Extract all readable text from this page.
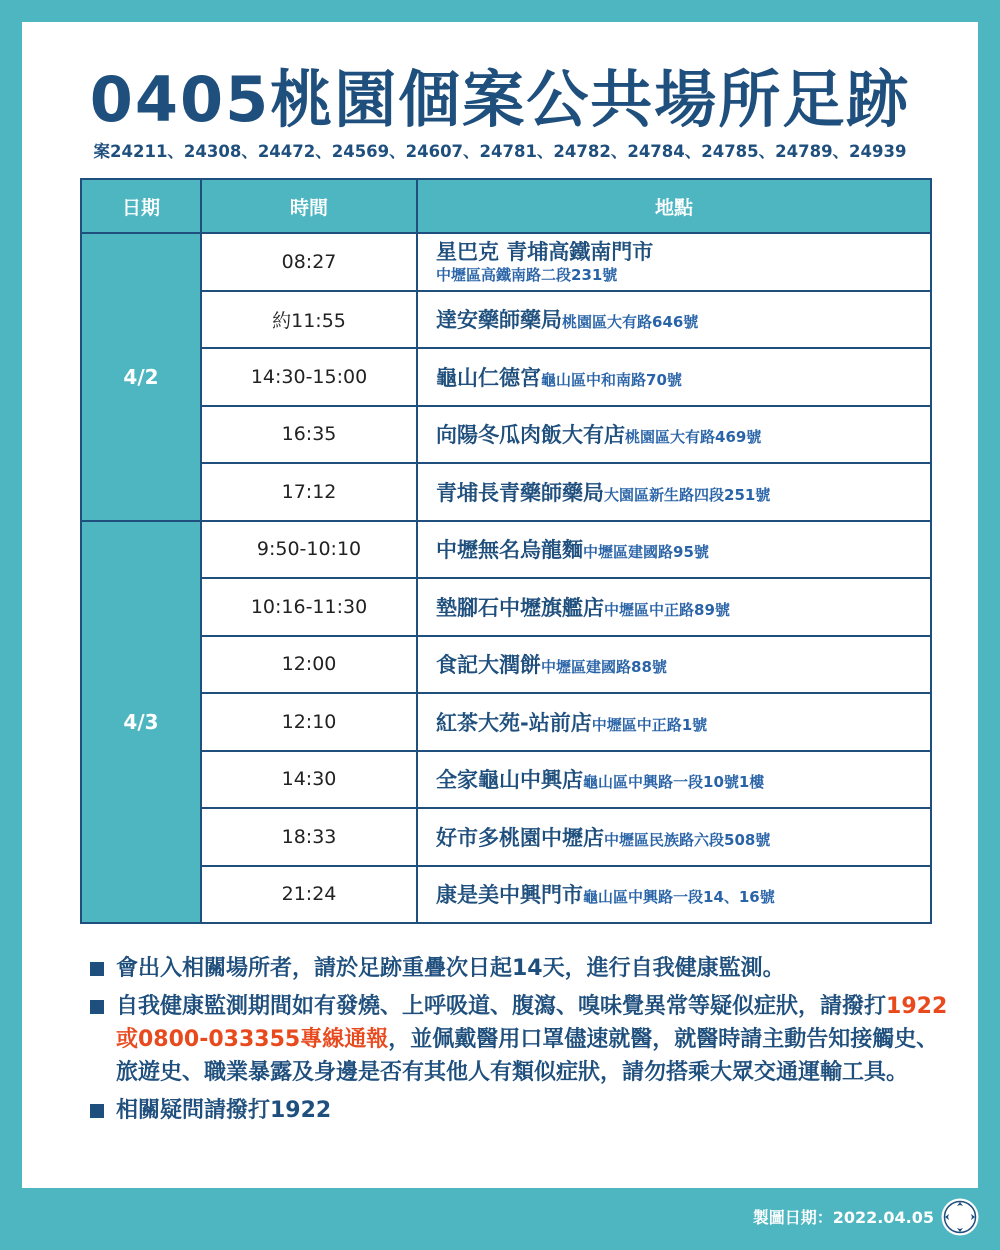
0405桃園個案公共場所足跡
案24211、24308、24472、24569、24607、24781、24782、24784、24785、24789、24939
日期	時間	地點
4/2	08:27	星巴克 青埔高鐵南門市
中壢區高鐵南路二段231號

	約11:55	達安藥師藥局桃園區大有路646號
	14:30-15:00	龜山仁德宮龜山區中和南路70號
	16:35	向陽冬瓜肉飯大有店桃園區大有路469號
	17:12	青埔長青藥師藥局大園區新生路四段251號
4/3	9:50-10:10	中壢無名烏龍麵中壢區建國路95號
	10:16-11:30	墊腳石中壢旗艦店中壢區中正路89號
	12:00	食記大潤餅中壢區建國路88號
	12:10	紅茶大苑-站前店中壢區中正路1號
	14:30	全家龜山中興店龜山區中興路一段10號1樓
	18:33	好市多桃園中壢店中壢區民族路六段508號
	21:24	康是美中興門市龜山區中興路一段14、16號
會出入相關場所者，請於足跡重疊次日起14天，進行自我健康監測。
自我健康監測期間如有發燒、上呼吸道、腹瀉、嗅味覺異常等疑似症狀，請撥打1922或0800-033355專線通報，並佩戴醫用口罩儘速就醫，就醫時請主動告知接觸史、旅遊史、職業暴露及身邊是否有其他人有類似症狀，請勿搭乘大眾交通運輸工具。
相關疑問請撥打1922
製圖日期：2022.04.05
